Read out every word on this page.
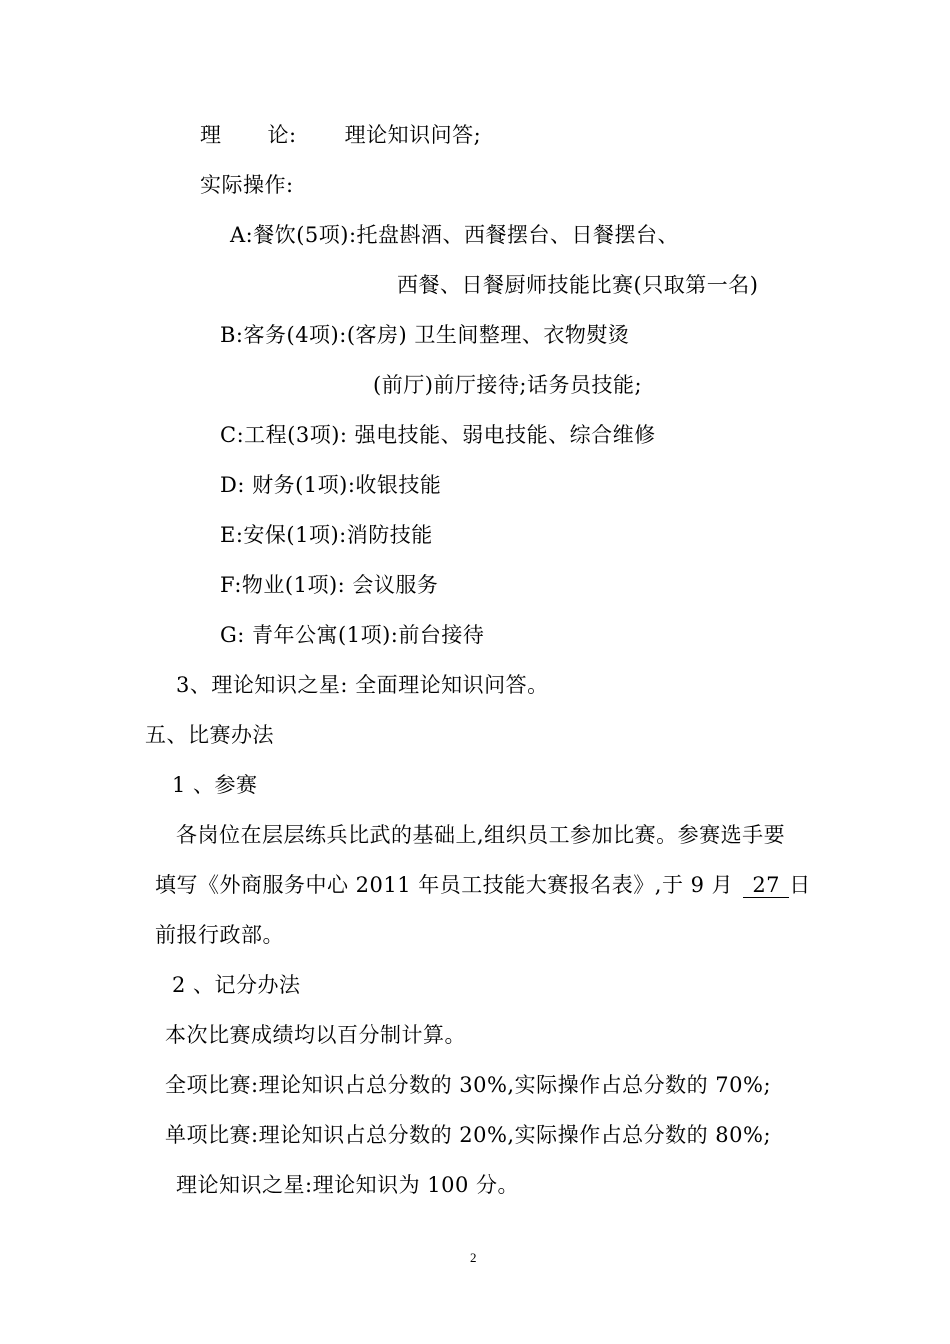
理 论: 理论知识问答;
实际操作:
A:餐饮(5项):托盘斟酒、西餐摆台、日餐摆台、
西餐、日餐厨师技能比赛(只取第一名)
B:客务(4项):(客房) 卫生间整理、衣物熨烫
(前厅)前厅接待;话务员技能;
C:工程(3项): 强电技能、弱电技能、综合维修
D: 财务(1项):收银技能
E:安保(1项):消防技能
F:物业(1项): 会议服务
G: 青年公寓(1项):前台接待
3、理论知识之星: 全面理论知识问答。
五、比赛办法
1 、参赛
各岗位在层层练兵比武的基础上,组织员工参加比赛。参赛选手要
填写《外商服务中心 2011 年员工技能大赛报名表》,于 9 月 27 日
前报行政部。
2 、记分办法
本次比赛成绩均以百分制计算。
全项比赛:理论知识占总分数的 30%,实际操作占总分数的 70%;
单项比赛:理论知识占总分数的 20%,实际操作占总分数的 80%;
理论知识之星:理论知识为 100 分。
2
